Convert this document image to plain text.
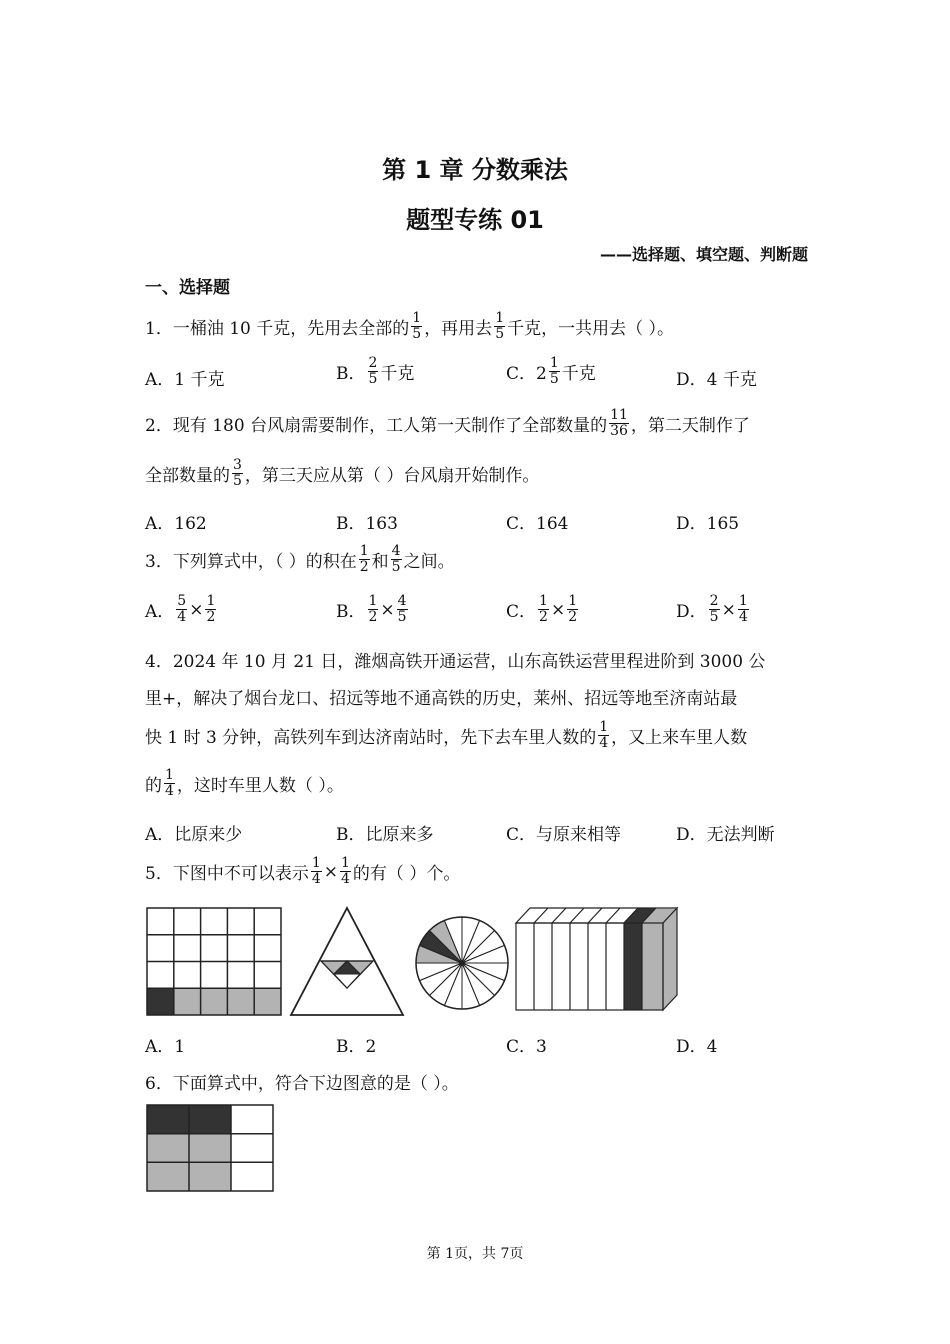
第 1 章 分数乘法
题型专练 01
——选择题、填空题、判断题
一、选择题
1．一桶油 10 千克，先用去全部的 $\frac{1}{5}$ ，再用去 $\frac{1}{5}$ 千克，一共用去（ ）。
A．1 千克	B． $\frac{2}{5}$ 千克	C．$2 \frac{1}{5}$ 千克	D．4 千克
2．现有 180 台风扇需要制作，工人第一天制作了全部数量的 $\frac{11}{36}$ ，第二天制作了
全部数量的 $\frac{3}{5}$ ，第三天应从第（ ）台风扇开始制作。
A．162	B．163	C．164	D．165
3．下列算式中，（ ）的积在 $\frac{1}{2}$ 和 $\frac{4}{5}$ 之间。
A． $\frac{5}{4} \times \frac{1}{2}$	B． $\frac{1}{2} \times \frac{4}{5}$	C． $\frac{1}{2} \times \frac{1}{2}$	D． $\frac{2}{5} \times \frac{1}{4}$
4．2024 年 10 月 21 日，潍烟高铁开通运营，山东高铁运营里程进阶到 3000 公
里+，解决了烟台龙口、招远等地不通高铁的历史，莱州、招远等地至济南站最
快 1 时 3 分钟，高铁列车到达济南站时，先下去车里人数的 $\frac{1}{4}$ ，又上来车里人数
的 $\frac{1}{4}$ ，这时车里人数（ ）。
A．比原来少	B．比原来多	C．与原来相等	D．无法判断
5．下图中不可以表示 $\frac{1}{4} \times \frac{1}{4}$ 的有（ ）个。
A．1	B．2	C．3	D．4
6．下面算式中，符合下边图意的是（ ）。
第 1页，共 7页
